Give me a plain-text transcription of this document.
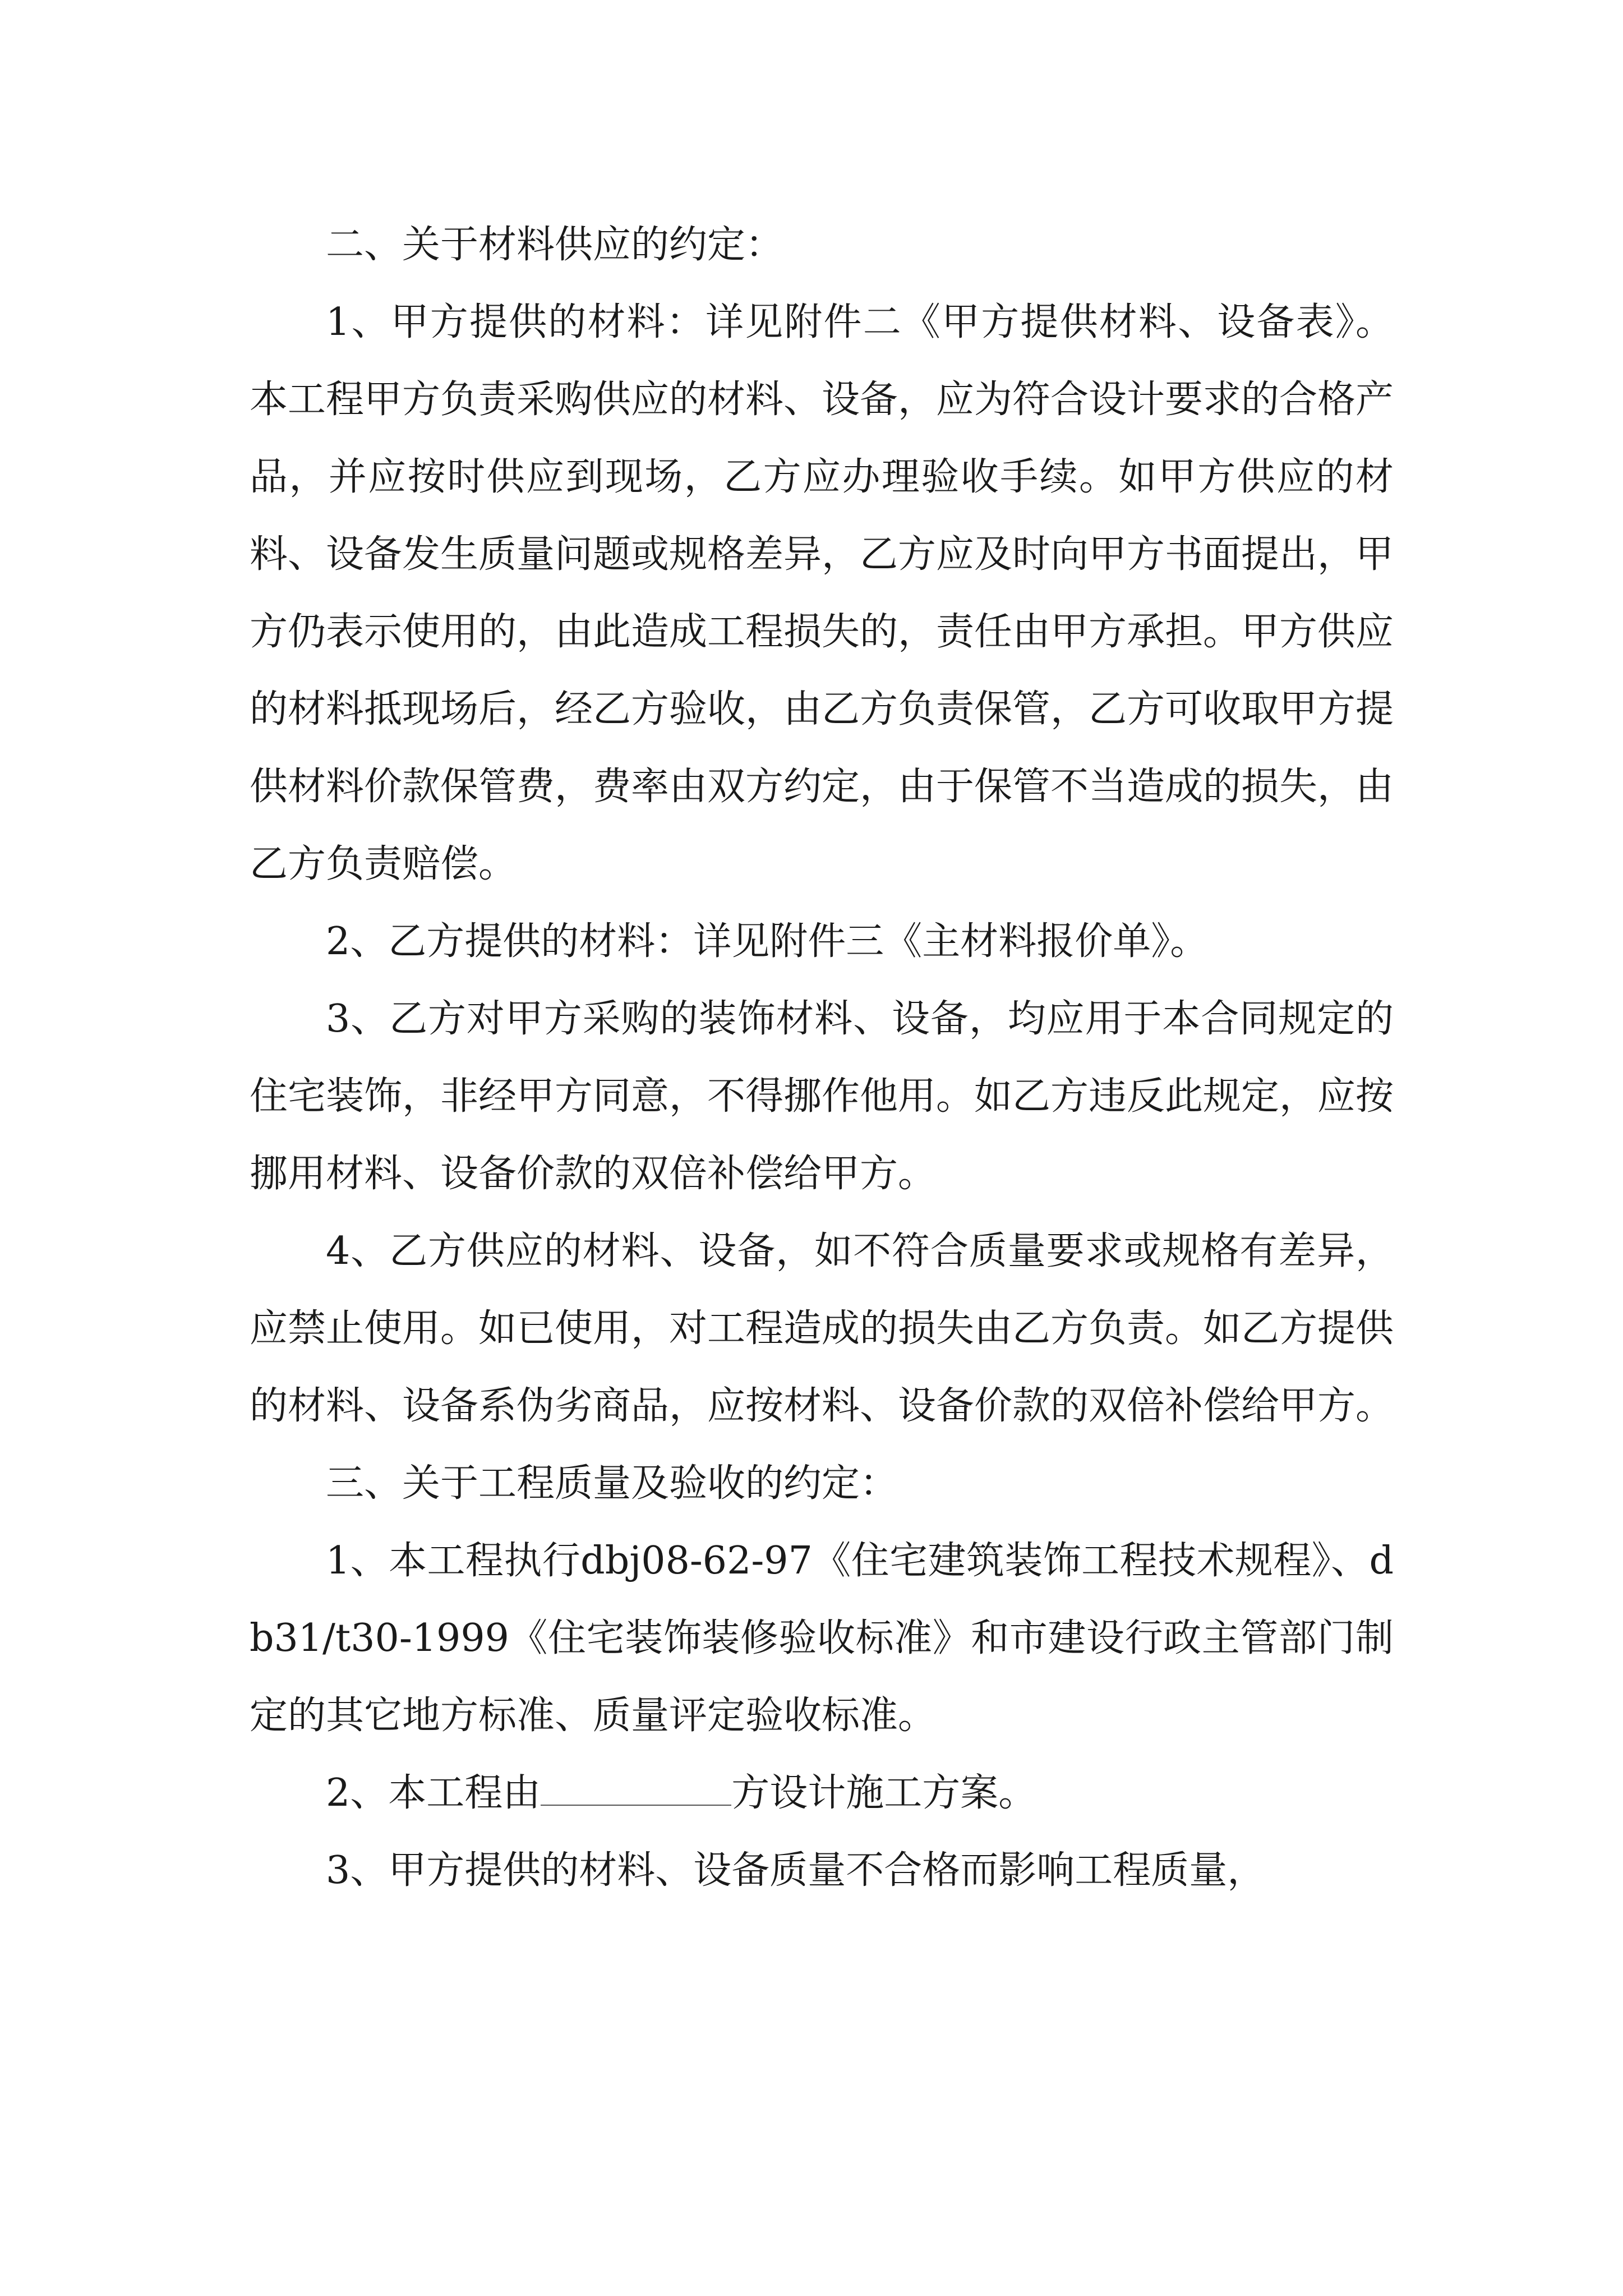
二、关于材料供应的约定：

1、甲方提供的材料：详见附件二《甲方提供材料、设备表》。本工程甲方负责采购供应的材料、设备，应为符合设计要求的合格产品，并应按时供应到现场，乙方应办理验收手续。如甲方供应的材料、设备发生质量问题或规格差异，乙方应及时向甲方书面提出，甲方仍表示使用的，由此造成工程损失的，责任由甲方承担。甲方供应的材料抵现场后，经乙方验收，由乙方负责保管，乙方可收取甲方提供材料价款保管费，费率由双方约定，由于保管不当造成的损失，由乙方负责赔偿。

2、乙方提供的材料：详见附件三《主材料报价单》。

3、乙方对甲方采购的装饰材料、设备，均应用于本合同规定的住宅装饰，非经甲方同意，不得挪作他用。如乙方违反此规定，应按挪用材料、设备价款的双倍补偿给甲方。

4、乙方供应的材料、设备，如不符合质量要求或规格有差异，应禁止使用。如已使用，对工程造成的损失由乙方负责。如乙方提供的材料、设备系伪劣商品，应按材料、设备价款的双倍补偿给甲方。

三、关于工程质量及验收的约定：

1、本工程执行dbj08-62-97《住宅建筑装饰工程技术规程》、db31/t30-1999《住宅装饰装修验收标准》和市建设行政主管部门制定的其它地方标准、质量评定验收标准。

2、本工程由	方设计施工方案。

3、甲方提供的材料、设备质量不合格而影响工程质量，
